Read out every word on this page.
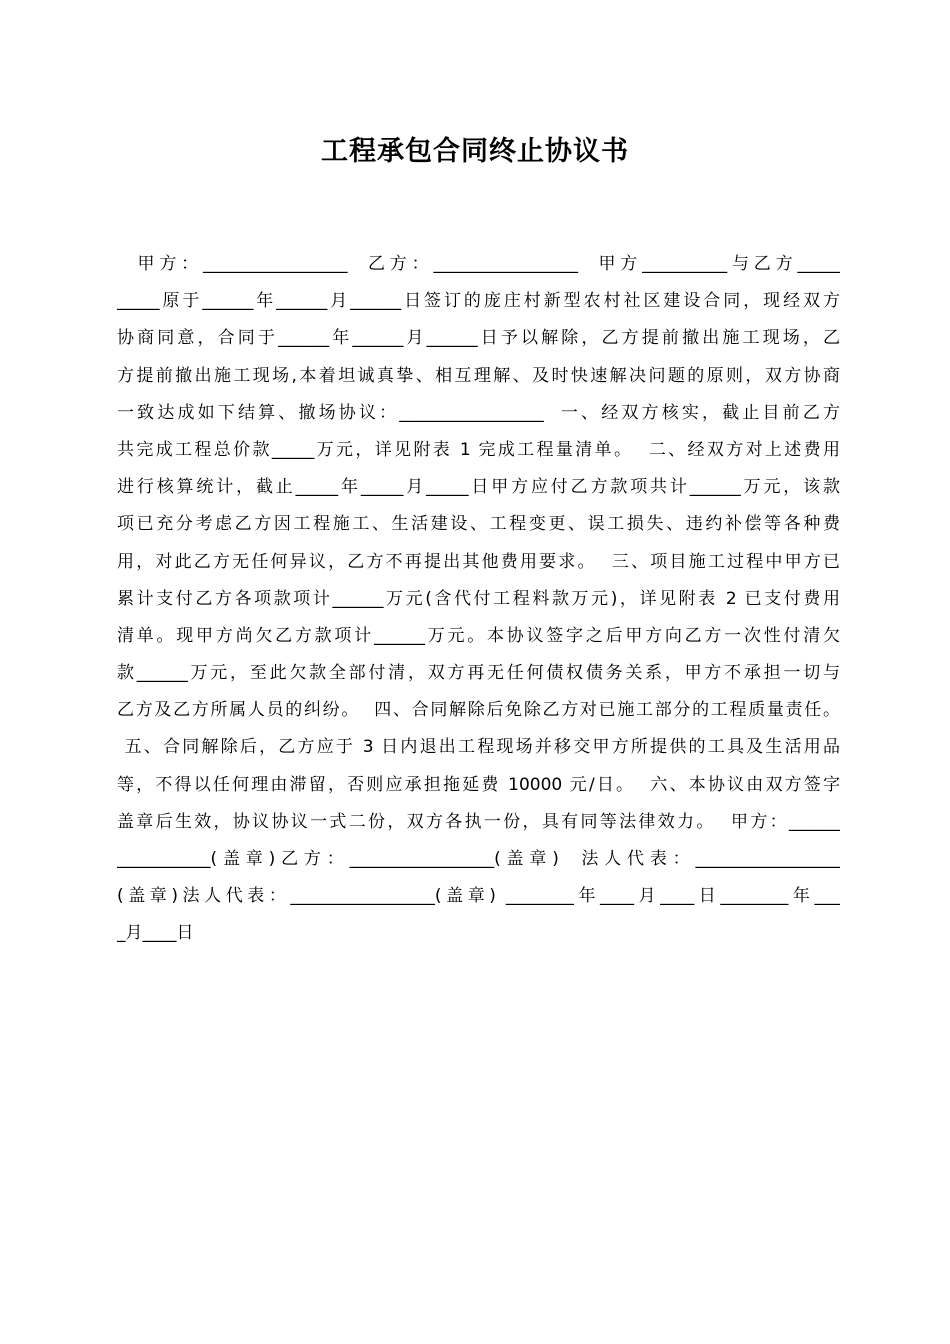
工程承包合同终止协议书
甲方：_________________  乙方：_________________  甲方__________与乙方_____
_____原于______年______月______日签订的庞庄村新型农村社区建设合同，现经双方
协商同意，合同于______年______月______日予以解除，乙方提前撤出施工现场，乙
方提前撤出施工现场,本着坦诚真挚、相互理解、及时快速解决问题的原则，双方协商
一致达成如下结算、撤场协议：_________________  一、经双方核实，截止目前乙方
共完成工程总价款_____万元，详见附表 1 完成工程量清单。  二、经双方对上述费用
进行核算统计，截止_____年_____月_____日甲方应付乙方款项共计______万元，该款
项已充分考虑乙方因工程施工、生活建设、工程变更、误工损失、违约补偿等各种费
用，对此乙方无任何异议，乙方不再提出其他费用要求。  三、项目施工过程中甲方已
累计支付乙方各项款项计______万元(含代付工程料款万元)，详见附表 2 已支付费用
清单。现甲方尚欠乙方款项计______万元。本协议签字之后甲方向乙方一次性付清欠
款______万元，至此欠款全部付清，双方再无任何债权债务关系，甲方不承担一切与
乙方及乙方所属人员的纠纷。  四、合同解除后免除乙方对已施工部分的工程质量责任。
五、合同解除后，乙方应于 3 日内退出工程现场并移交甲方所提供的工具及生活用品
等，不得以任何理由滞留，否则应承担拖延费 10000 元/日。  六、本协议由双方签字
盖章后生效，协议协议一式二份，双方各执一份，具有同等法律效力。  甲方：______
___________(盖章)乙方：_________________(盖章)  法人代表：_________________
(盖章)法人代表：_________________(盖章) ________年____月____日________年___
_月____日
